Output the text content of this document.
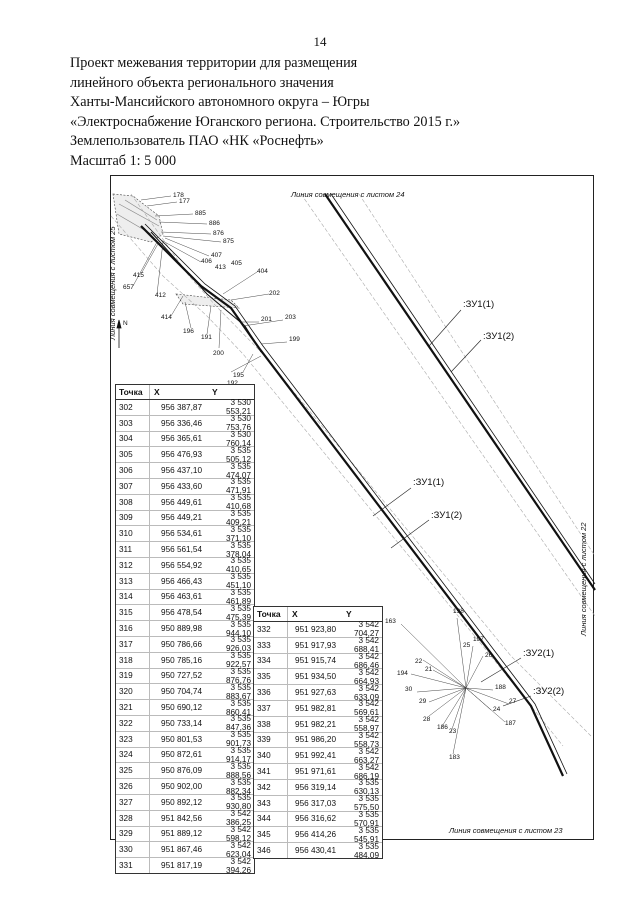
14
Проект межевания территории для размещения
линейного объекта регионального значения
Ханты-Мансийского автономного округа – Югры
«Электроснабжение Юганского региона. Строительство 2015 г.»
Землепользователь ПАО «НК «Роснефть»
Масштаб 1: 5 000
Линия совмещения с листом 24
Линия совмещения с листом 25
Линия совмещения с листом 22
Линия совмещения с листом 23
:ЗУ1(1)
:ЗУ1(2)
:ЗУ1(1)
:ЗУ1(2)
:ЗУ2(1)
:ЗУ2(2)
178
177
885
886
876
875
407
406
413
405
404
202
415
657
412
414
196
191
200
201 203
199
195
163
198
197
25
26
22
21
194
30
29
188
27
24
28
186
23
187
183
N
Точка	X	Y
302	956 387,87	3 530 553,21
303	956 336,46	3 530 753,76
304	956 365,61	3 530 760,14
305	956 476,93	3 535 505,12
306	956 437,10	3 535 474,07
307	956 433,60	3 535 471,91
308	956 449,61	3 535 410,68
309	956 449,21	3 535 409,21
310	956 534,61	3 535 371,10
311	956 561,54	3 535 378,04
312	956 554,92	3 535 410,65
313	956 466,43	3 535 451,10
314	956 463,61	3 535 461,89
315	956 478,54	3 535 475,39
316	950 889,98	3 535 944,10
317	950 786,66	3 535 926,03
318	950 785,16	3 535 922,57
319	950 727,52	3 535 876,76
320	950 704,74	3 535 883,67
321	950 690,12	3 535 860,41
322	950 733,14	3 535 847,36
323	950 801,53	3 535 901,73
324	950 872,61	3 535 914,17
325	950 876,09	3 535 888,56
326	950 902,00	3 535 882,34
327	950 892,12	3 535 930,80
328	951 842,56	3 542 386,25
329	951 889,12	3 542 598,12
330	951 867,46	3 542 623,04
331	951 817,19	3 542 394,26
Точка	X	Y
332	951 923,80	3 542 704,27
333	951 917,93	3 542 688,41
334	951 915,74	3 542 686,46
335	951 934,50	3 542 664,93
336	951 927,63	3 542 633,09
337	951 982,81	3 542 569,61
338	951 982,21	3 542 558,97
339	951 986,20	3 542 558,73
340	951 992,41	3 542 663,27
341	951 971,61	3 542 686,19
342	956 319,14	3 535 630,13
343	956 317,03	3 535 575,50
344	956 316,62	3 535 570,91
345	956 414,26	3 535 545,91
346	956 430,41	3 535 484,09
